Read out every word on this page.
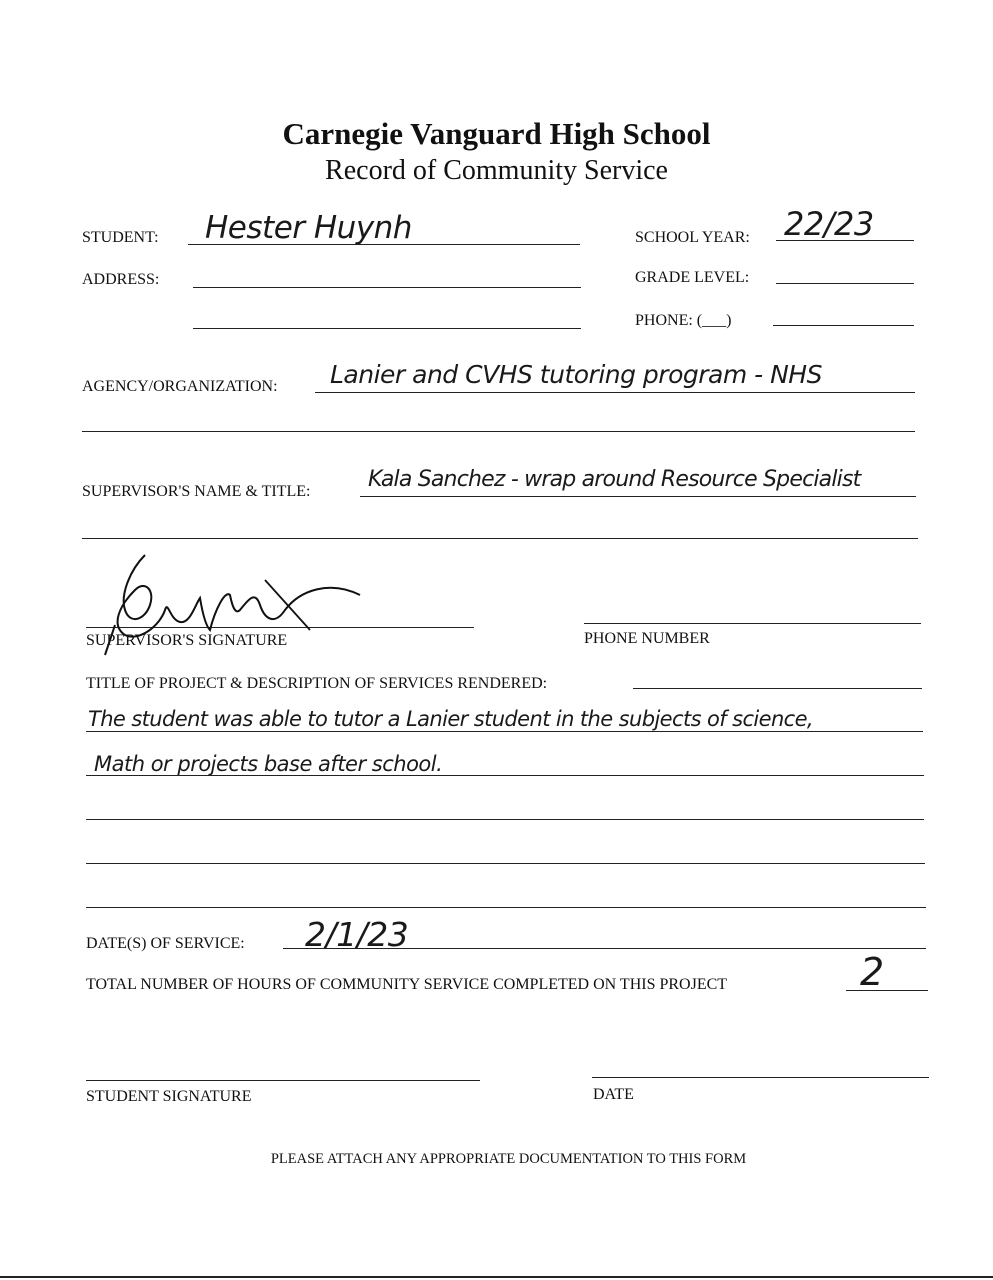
Carnegie Vanguard High School
Record of Community Service
STUDENT: Hester Huynh	SCHOOL YEAR: 22/23
ADDRESS:	GRADE LEVEL:
PHONE: (___)
AGENCY/ORGANIZATION: Lanier and CVHS tutoring program - NHS
SUPERVISOR'S NAME & TITLE:	Kala Sanchez - wrap around Resource Specialist
SUPERVISOR'S SIGNATURE	PHONE NUMBER
TITLE OF PROJECT & DESCRIPTION OF SERVICES RENDERED:
The student was able to tutor a Lanier student in the subjects of science,
Math or projects base after school.
DATE(S) OF SERVICE: 2/1/23
TOTAL NUMBER OF HOURS OF COMMUNITY SERVICE COMPLETED ON THIS PROJECT	2
STUDENT SIGNATURE	DATE
PLEASE ATTACH ANY APPROPRIATE DOCUMENTATION TO THIS FORM
